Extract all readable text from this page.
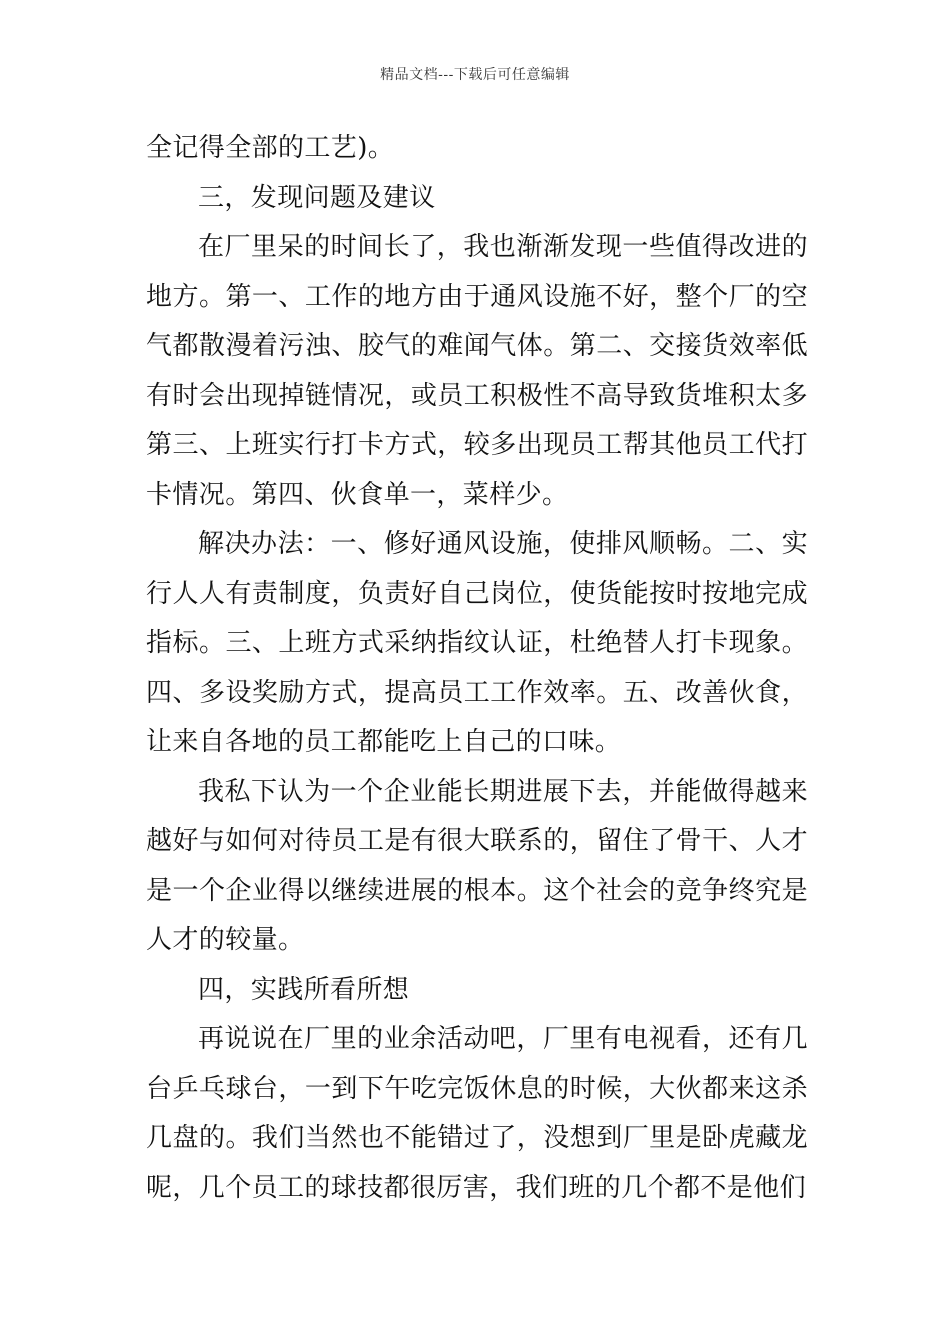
精品文档---下载后可任意编辑

全记得全部的工艺)。

三，发现问题及建议

在厂里呆的时间长了，我也渐渐发现一些值得改进的地方。第一、工作的地方由于通风设施不好，整个厂的空气都散漫着污浊、胶气的难闻气体。第二、交接货效率低有时会出现掉链情况，或员工积极性不高导致货堆积太多第三、上班实行打卡方式，较多出现员工帮其他员工代打卡情况。第四、伙食单一，菜样少。

解决办法：一、修好通风设施，使排风顺畅。二、实行人人有责制度，负责好自己岗位，使货能按时按地完成指标。三、上班方式采纳指纹认证，杜绝替人打卡现象。四、多设奖励方式，提高员工工作效率。五、改善伙食，让来自各地的员工都能吃上自己的口味。

我私下认为一个企业能长期进展下去，并能做得越来越好与如何对待员工是有很大联系的，留住了骨干、人才是一个企业得以继续进展的根本。这个社会的竞争终究是人才的较量。

四，实践所看所想

再说说在厂里的业余活动吧，厂里有电视看，还有几台乒乓球台，一到下午吃完饭休息的时候，大伙都来这杀几盘的。我们当然也不能错过了，没想到厂里是卧虎藏龙呢，几个员工的球技都很厉害，我们班的几个都不是他们
